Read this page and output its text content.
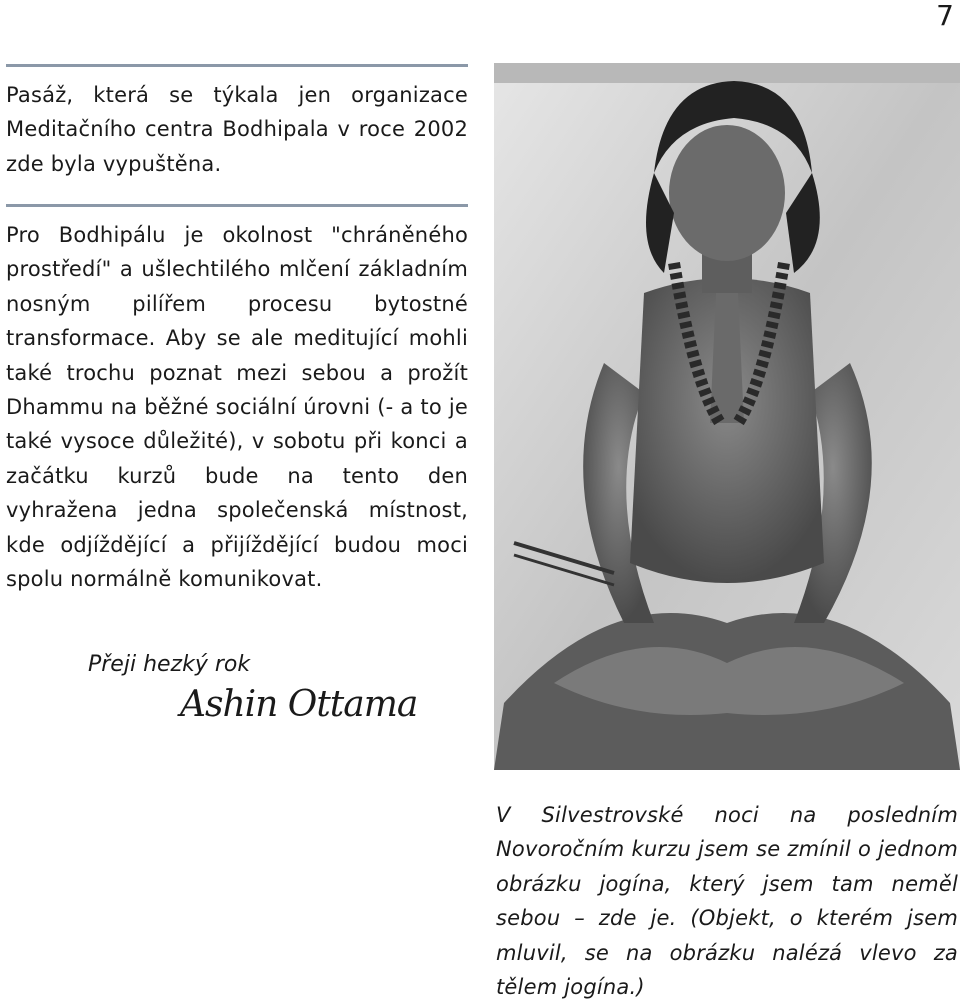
7
Pasáž, která se týkala jen organizace Meditačního centra Bodhipala v roce 2002 zde byla vypuštěna.
Pro Bodhipálu je okolnost "chráněného prostředí" a ušlechtilého mlčení základním nosným pilířem procesu bytostné transformace. Aby se ale meditující mohli také trochu poznat mezi sebou a prožít Dhammu na běžné sociální úrovni (- a to je také vysoce důležité), v sobotu při konci a začátku kurzů bude na tento den vyhražena jedna společenská místnost, kde odjíždějící a přijíždějící budou moci spolu normálně komunikovat.
Přeji hezký rok
Ashin Ottama
V Silvestrovské noci na posledním Novoročním kurzu jsem se zmínil o jednom obrázku jogína, který jsem tam neměl sebou – zde je. (Objekt, o kterém jsem mluvil, se na obrázku nalézá vlevo za tělem jogína.)
